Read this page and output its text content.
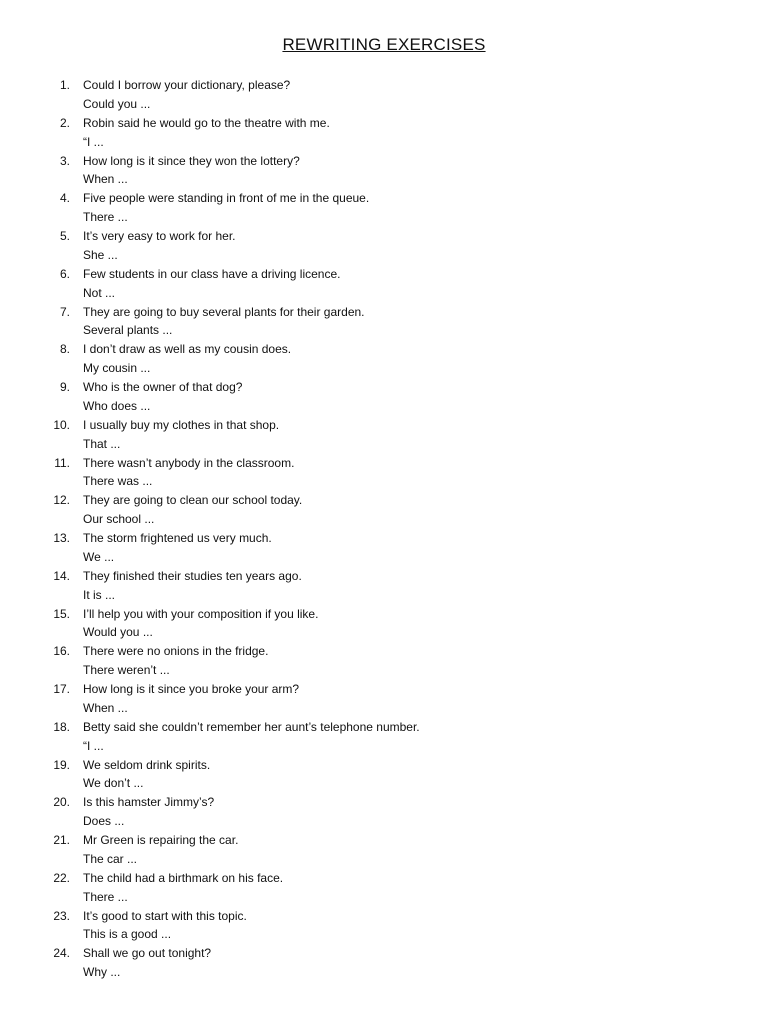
REWRITING EXERCISES
1. Could I borrow your dictionary, please?
Could you ...
2. Robin said he would go to the theatre with me.
“I ...
3. How long is it since they won the lottery?
When ...
4. Five people were standing in front of me in the queue.
There ...
5. It’s very easy to work for her.
She ...
6. Few students in our class have a driving licence.
Not ...
7. They are going to buy several plants for their garden.
Several plants ...
8. I don’t draw as well as my cousin does.
My cousin ...
9. Who is the owner of that dog?
Who does ...
10. I usually buy my clothes in that shop.
That ...
11. There wasn’t anybody in the classroom.
There was ...
12. They are going to clean our school today.
Our school ...
13. The storm frightened us very much.
We ...
14. They finished their studies ten years ago.
It is ...
15. I’ll help you with your composition if you like.
Would you ...
16. There were no onions in the fridge.
There weren’t ...
17. How long is it since you broke your arm?
When ...
18. Betty said she couldn’t remember her aunt’s telephone number.
“I ...
19. We seldom drink spirits.
We don’t ...
20. Is this hamster Jimmy’s?
Does ...
21. Mr Green is repairing the car.
The car ...
22. The child had a birthmark on his face.
There ...
23. It’s good to start with this topic.
This is a good ...
24. Shall we go out tonight?
Why ...
